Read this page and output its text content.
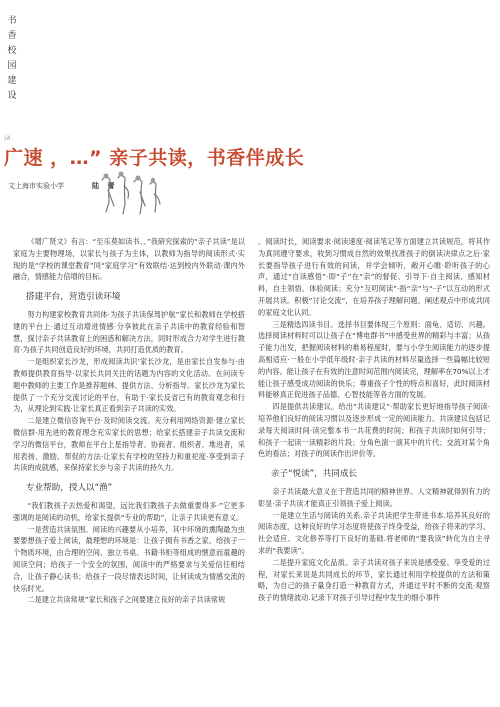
书
香
校
园
建
设
(A
广​​速 ，…” 亲子共读，书香伴成长
文上海市实验小学	陆 蕾

《增广贤文》有言：“至乐莫如读书、、”我研究探索的“亲子共读”是以家庭为主要物理场，以家长与孩子为主体，以教师为指导的阅读形式·实现的是“学校的课堂教育”同“家庭学习”有效联结·达到校内外联动·课内外融合，情感能力倍增的目标。

搭建平台，营造引读环境

努力构建家校教育共同体·为孩子共读保驾护航”家长和教师在学校搭建的平台上·通过互动增进情感·分享彼此在亲子共读中的教育经验和智慧，探讨亲子共读教育上的困惑和解决方法，同时形成合力对学生进行教育·为孩子共同创造良好的环境，共同打造优质的教育。

一是组织家长沙龙，形成阅读共识’家长沙龙，是由家长自发参与·由教师提供教育指导·以家长共同关注的话题为内容的文化活动。在问读专题中教师的主要工作是推荐题林、提供方法、分析指导。家长沙龙为家长提供了一个充分交流讨论的平台，有助于·家长反省已有的教育观念和行为，从理论到实践·让家长真正看到亲子共读的实效。

二是建立微信咨询平台·及时阅读交流。充分利用网络资源·建立家长微信群·用先进的教育理念充实家长的思想；给家长搭建亲子共读交流和学习的微信平台，教师在平台上星指导者、协商者、组织者、堆进者，采用表扬、激励、帮促的方法·让家长有学校的坚持力和重祀度·享受到亲子共读的成就感，来保持家长步与亲子共读的持久力。

专业帮助，授人以“渔”

“我们教孩子去热爱和渴望，远比我们教孩子去做重要得多·”它更多强调的是阅读的动机，给家长提供“专业的帮助”，让亲子共读更有意义。

一是营造共读氛围。阅读的兴趣要从小培养，其中环境的熏陶最为虫要要想孩子爱上阅读，最理想的环境是：让孩子拥有书香之家。给孩子一个物质环境，由合理的空间、独立书桌、书籍书柜等组成的惬意而童趣的阅读空间；给孩子一个安全的氛围，阅读中的严格要求与关爱信任相结合，让孩子静心读书；给孩子一段尽情表达时间，让何读成为情感交流的快乐时光。

二是建立共读常规”家长和孩子之间要建立良好的亲子共读常规

。阅读时长，阅读要求·阅读速度·阅读笔记等方面建立共读规范，将其作为真同遵守要求，收到习惯成自然的效果找准孩子的倒读决律点之后·家长要指导孩子进行有效的问读，并学会倾听，敞开心睢·聆听孩子的心声，通过“自读感悟”·即“子”在“亲”的督促、引导下·自主阅读、感知材料，自主领悟、体验阅读；充分“互叨阅读”·指“亲”与“·子”以互动的形式开展共读。积极“讨论交流”，在培养孩子理解问题、阐述观点中形成共同的家庭文化认同。

三是精选四读书目。选择书目要体现三个原则：面龟、适切、兴趣。选择阅读材料时可以让孩子在“博电群书”中感受世界的精彩与丰富；从孩子能力出发，把握阅读材料的难易程度时，要与小学生阅读能力的逐步提高相适应·一般在小学低年级时·亲子共读的材料尽量选择一些篇幅比较短的内容。能让孩子在有效的注意时间范围内阅读完，理解率在70%以上才能让孩子感受成功阅读的快乐；尊重孩子个性的特点和喜好，此时阅读材料能够真正促进孩子品德、心智技能等各方面的发展。

四是提供共读建议。给出“共读建议”·帮助家长更好地指导孩子阅读·培养他们良好的阅读习惯以及逐步形成一定的阅读能力。共读建议包括记录每天阅读时间·读完整本书一共花费的时间；和孩子共读时如何引导；和孩子一起读一读精彩的片段；分角色演一演其中的片代；交流对某个角色的看法；对孩子的阅读作出评价等，

亲子“悦读”，共同成长

亲子共读最大意义在于营造共同的精神世界。人文精神就得到有力的彰显·亲子共读才能真正引领孩子爱上阅读。

一是建立生活与阅读的关系.亲子共读把学生带进书本.培养其良好的阅读态度，这种良好的学习态度将使孩子终身受益，给孩子将来的学习、社会适应、文化修养等打下良好的基础.将老师的“要我读”转化为自主寻求的“我要读”。

二是提升家庭文化品质。亲子共读对孩子来说是感受爱、享受爱的过程，对家长来说是共同成长的环节，家长通过利用学校提供的方法和策略，为自己的孩子量身打造一种教育方式，并通过平时不断的交流·观察孩子的情绪波动.记录下对孩子引导过程中发生的细小事件
